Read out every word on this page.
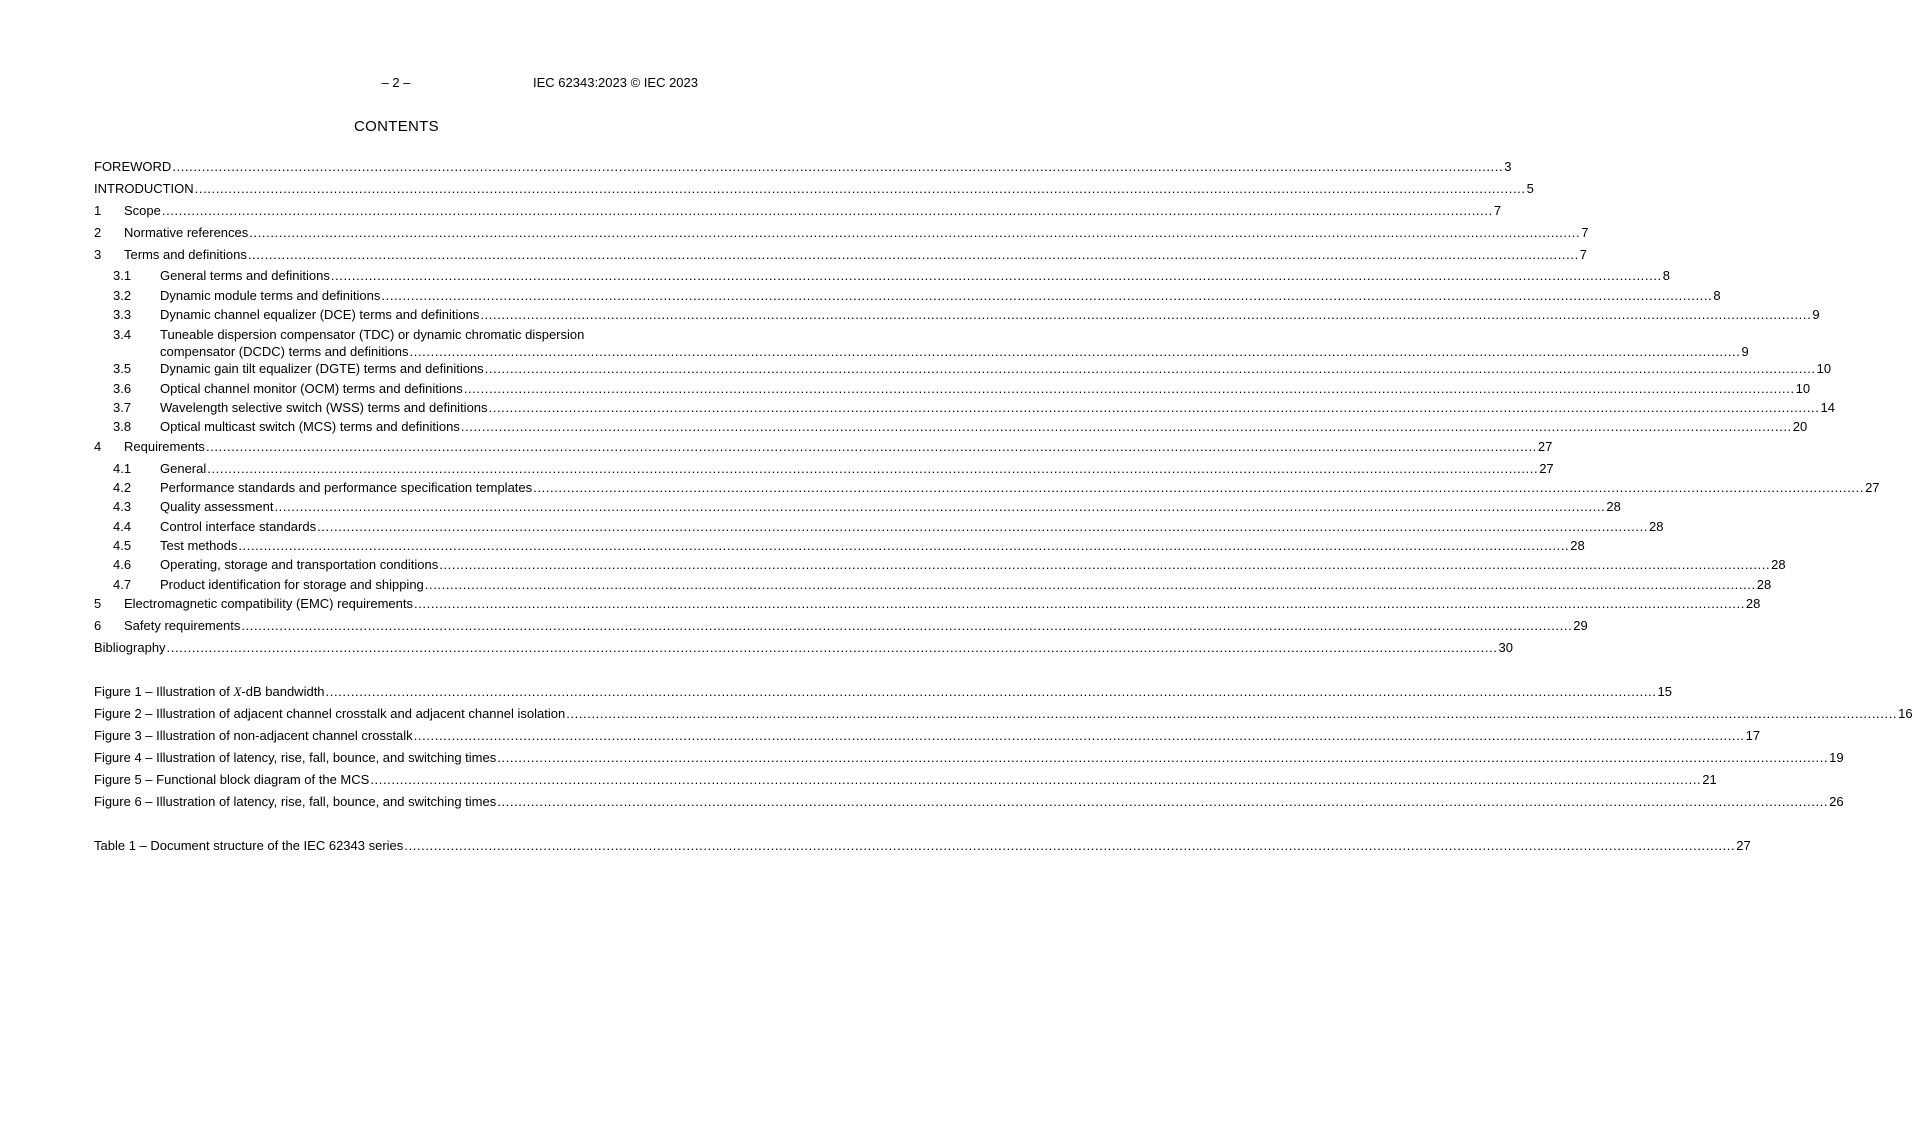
– 2 –	IEC 62343:2023 © IEC 2023
CONTENTS
FOREWORD .....	3
INTRODUCTION .....	5
1	Scope .....	7
2	Normative references .....	7
3	Terms and definitions .....	7
3.1	General terms and definitions .....	8
3.2	Dynamic module terms and definitions .....	8
3.3	Dynamic channel equalizer (DCE) terms and definitions .....	9
3.4	Tuneable dispersion compensator (TDC) or dynamic chromatic dispersion
compensator (DCDC) terms and definitions .....	9
3.5	Dynamic gain tilt equalizer (DGTE) terms and definitions .....	10
3.6	Optical channel monitor (OCM) terms and definitions .....	10
3.7	Wavelength selective switch (WSS) terms and definitions .....	14
3.8	Optical multicast switch (MCS) terms and definitions .....	20
4	Requirements .....	27
4.1	General .....	27
4.2	Performance standards and performance specification templates .....	27
4.3	Quality assessment .....	28
4.4	Control interface standards .....	28
4.5	Test methods .....	28
4.6	Operating, storage and transportation conditions .....	28
4.7	Product identification for storage and shipping .....	28
5	Electromagnetic compatibility (EMC) requirements .....	28
6	Safety requirements .....	29
Bibliography .....	30
Figure 1 – Illustration of X-dB bandwidth .....	15
Figure 2 – Illustration of adjacent channel crosstalk and adjacent channel isolation .....	16
Figure 3 – Illustration of non-adjacent channel crosstalk .....	17
Figure 4 – Illustration of latency, rise, fall, bounce, and switching times .....	19
Figure 5 – Functional block diagram of the MCS .....	21
Figure 6 – Illustration of latency, rise, fall, bounce, and switching times .....	26
Table 1 – Document structure of the IEC 62343 series .....	27
